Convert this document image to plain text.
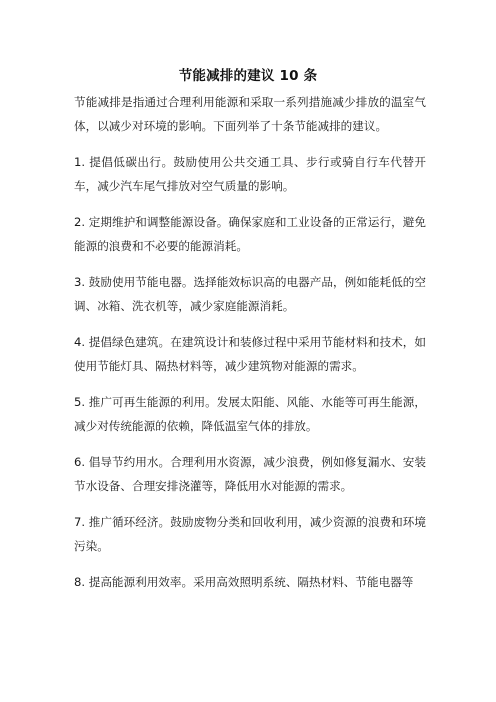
节能减排的建议 10 条

节能减排是指通过合理利用能源和采取一系列措施减少排放的温室气体，以减少对环境的影响。下面列举了十条节能减排的建议。

1. 提倡低碳出行。鼓励使用公共交通工具、步行或骑自行车代替开车，减少汽车尾气排放对空气质量的影响。

2. 定期维护和调整能源设备。确保家庭和工业设备的正常运行，避免能源的浪费和不必要的能源消耗。

3. 鼓励使用节能电器。选择能效标识高的电器产品，例如能耗低的空调、冰箱、洗衣机等，减少家庭能源消耗。

4. 提倡绿色建筑。在建筑设计和装修过程中采用节能材料和技术，如使用节能灯具、隔热材料等，减少建筑物对能源的需求。

5. 推广可再生能源的利用。发展太阳能、风能、水能等可再生能源，减少对传统能源的依赖，降低温室气体的排放。

6. 倡导节约用水。合理利用水资源，减少浪费，例如修复漏水、安装节水设备、合理安排浇灌等，降低用水对能源的需求。

7. 推广循环经济。鼓励废物分类和回收利用，减少资源的浪费和环境污染。

8. 提高能源利用效率。采用高效照明系统、隔热材料、节能电器等
